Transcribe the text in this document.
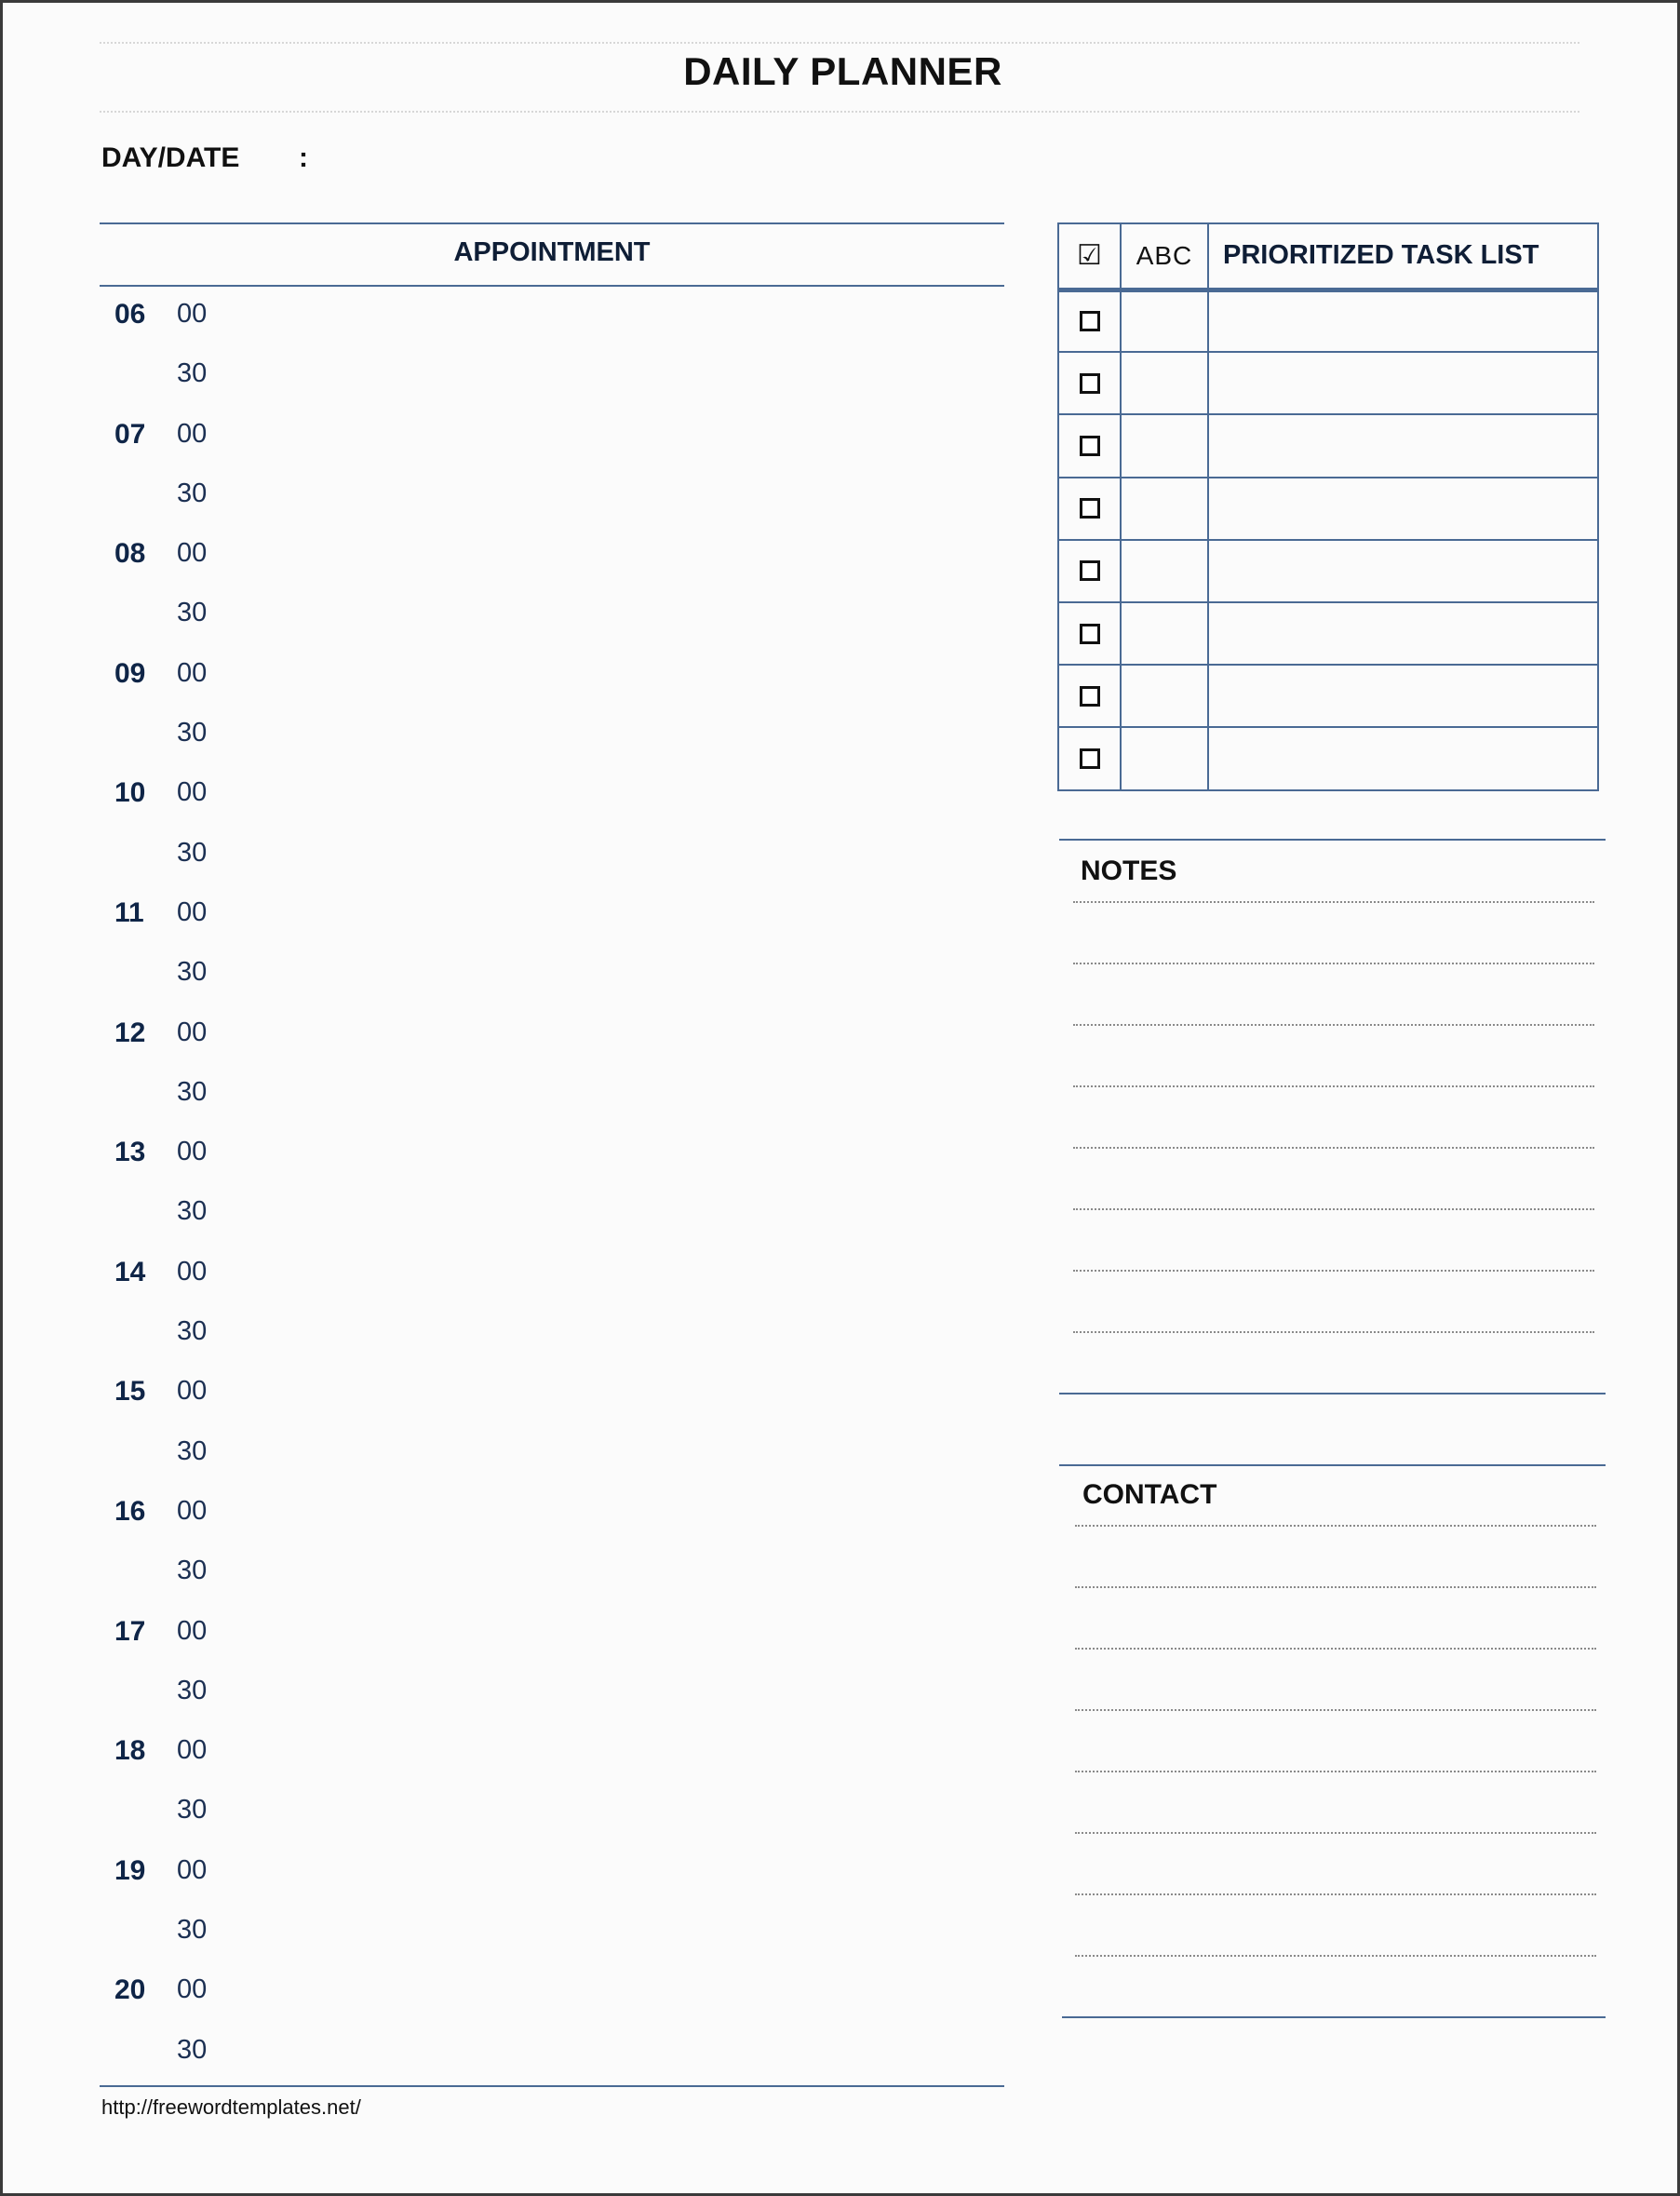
DAILY PLANNER
DAY/DATE :
APPOINTMENT
06	00
30
07	00
30
08	00
30
09	00
30
10	00
30
11	00
30
12	00
30
13	00
30
14	00
30
15	00
30
16	00
30
17	00
30
18	00
30
19	00
30
20	00
30
http://freewordtemplates.net/
☑	ABC	PRIORITIZED TASK LIST

NOTES
CONTACT
